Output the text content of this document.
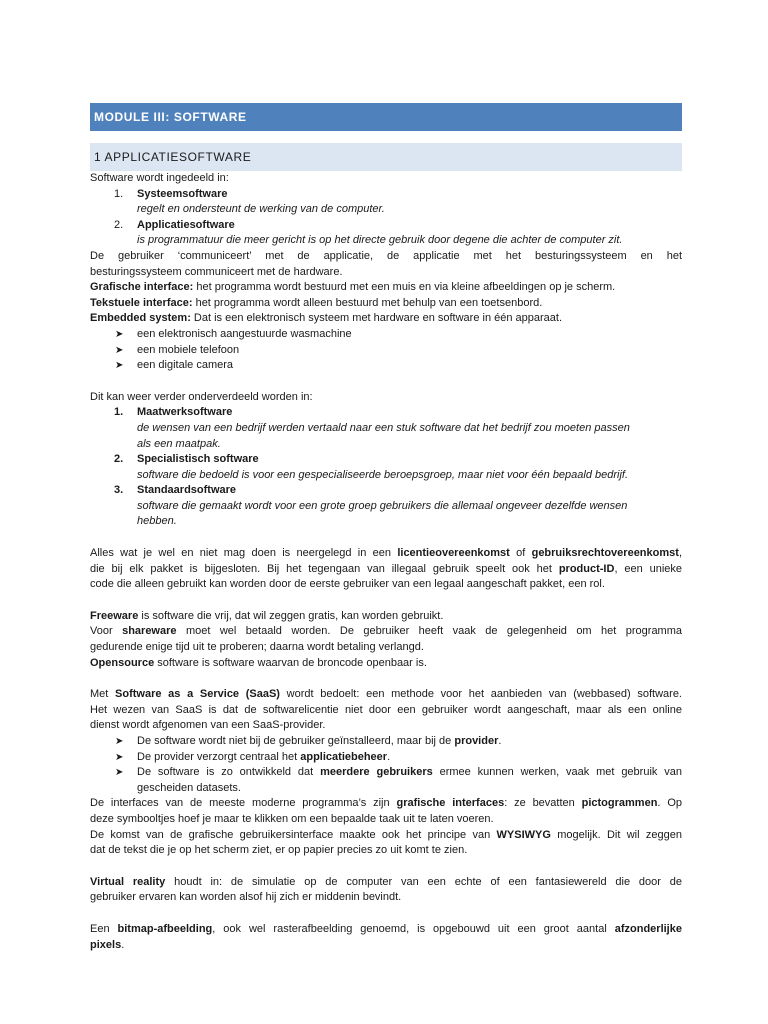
MODULE III: SOFTWARE
1 APPLICATIESOFTWARE

Software wordt ingedeeld in:

1. Systeemsoftware
regelt en ondersteunt de werking van de computer.
2. Applicatiesoftware
is programmatuur die meer gericht is op het directe gebruik door degene die achter de computer zit.

De gebruiker ‘communiceert’ met de applicatie, de applicatie met het besturingssysteem en het

besturingssysteem communiceert met de hardware.

Grafische interface: het programma wordt bestuurd met een muis en via kleine afbeeldingen op je scherm.

Tekstuele interface: het programma wordt alleen bestuurd met behulp van een toetsenbord.

Embedded system: Dat is een elektronisch systeem met hardware en software in één apparaat.

➤ een elektronisch aangestuurde wasmachine
➤ een mobiele telefoon
➤ een digitale camera

Dit kan weer verder onderverdeeld worden in:

1. Maatwerksoftware
de wensen van een bedrijf werden vertaald naar een stuk software dat het bedrijf zou moeten passen
als een maatpak.
2. Specialistisch software
software die bedoeld is voor een gespecialiseerde beroepsgroep, maar niet voor één bepaald bedrijf.
3. Standaardsoftware
software die gemaakt wordt voor een grote groep gebruikers die allemaal ongeveer dezelfde wensen
hebben.

Alles wat je wel en niet mag doen is neergelegd in een licentieovereenkomst of gebruiksrechtovereenkomst,

die bij elk pakket is bijgesloten. Bij het tegengaan van illegaal gebruik speelt ook het product-ID, een unieke

code die alleen gebruikt kan worden door de eerste gebruiker van een legaal aangeschaft pakket, een rol.

Freeware is software die vrij, dat wil zeggen gratis, kan worden gebruikt.

Voor shareware moet wel betaald worden. De gebruiker heeft vaak de gelegenheid om het programma

gedurende enige tijd uit te proberen; daarna wordt betaling verlangd.

Opensource software is software waarvan de broncode openbaar is.

Met Software as a Service (SaaS) wordt bedoelt: een methode voor het aanbieden van (webbased) software.

Het wezen van SaaS is dat de softwarelicentie niet door een gebruiker wordt aangeschaft, maar als een online

dienst wordt afgenomen van een SaaS-provider.

➤ De software wordt niet bij de gebruiker geïnstalleerd, maar bij de provider.
➤ De provider verzorgt centraal het applicatiebeheer.
➤ De software is zo ontwikkeld dat meerdere gebruikers ermee kunnen werken, vaak met gebruik van
gescheiden datasets.

De interfaces van de meeste moderne programma’s zijn grafische interfaces: ze bevatten pictogrammen. Op

deze symbooltjes hoef je maar te klikken om een bepaalde taak uit te laten voeren.

De komst van de grafische gebruikersinterface maakte ook het principe van WYSIWYG mogelijk. Dit wil zeggen

dat de tekst die je op het scherm ziet, er op papier precies zo uit komt te zien.

Virtual reality houdt in: de simulatie op de computer van een echte of een fantasiewereld die door de

gebruiker ervaren kan worden alsof hij zich er middenin bevindt.

Een bitmap-afbeelding, ook wel rasterafbeelding genoemd, is opgebouwd uit een groot aantal afzonderlijke

pixels.
